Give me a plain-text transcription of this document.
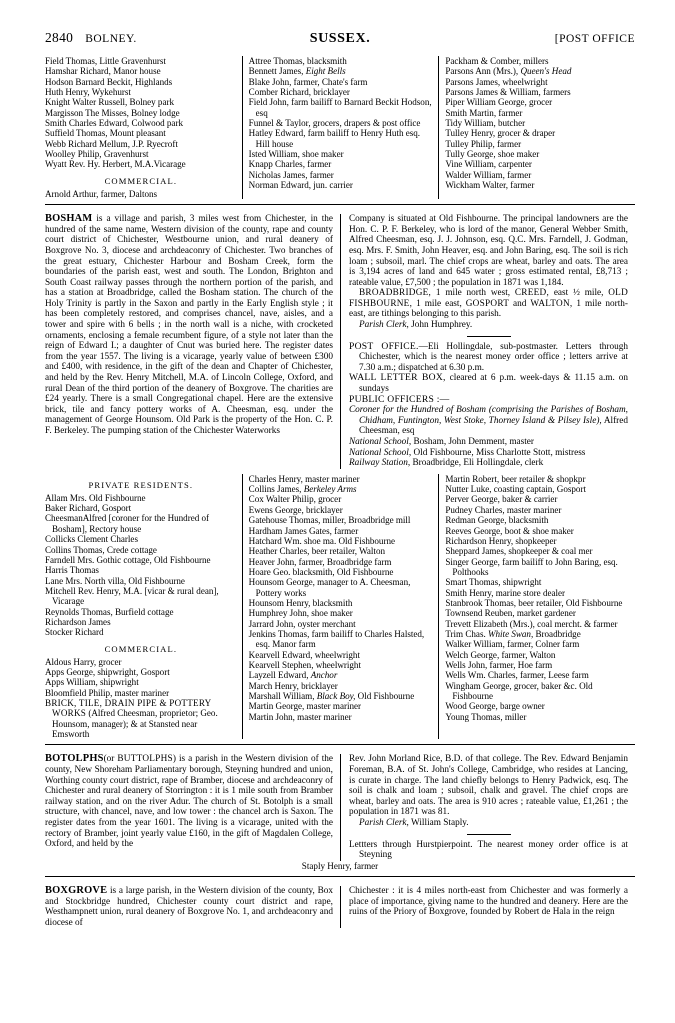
2840 BOLNEY.	SUSSEX.	[POST OFFICE

Field Thomas, Little Gravenhurst

Hamshar Richard, Manor house

Hodson Barnard Beckit, Highlands

Huth Henry, Wykehurst

Knight Walter Russell, Bolney park

Margisson The Misses, Bolney lodge

Smith Charles Edward, Colwood park

Suffield Thomas, Mount pleasant

Webb Richard Mellum, J.P. Ryecroft

Woolley Philip, Gravenhurst

Wyatt Rev. Hy. Herbert, M.A.Vicarage

COMMERCIAL.

Arnold Arthur, farmer, Daltons

Attree Thomas, blacksmith

Bennett James, Eight Bells

Blake John, farmer, Chate's farm

Comber Richard, bricklayer

Field John, farm bailiff to Barnard Beckit Hodson, esq

Funnel & Taylor, grocers, drapers & post office

Hatley Edward, farm bailiff to Henry Huth esq. Hill house

Isted William, shoe maker

Knapp Charles, farmer

Nicholas James, farmer

Norman Edward, jun. carrier

Packham & Comber, millers

Parsons Ann (Mrs.), Queen's Head

Parsons James, wheelwright

Parsons James & William, farmers

Piper William George, grocer

Smith Martin, farmer

Tidy William, butcher

Tulley Henry, grocer & draper

Tulley Philip, farmer

Tully George, shoe maker

Vine William, carpenter

Walder William, farmer

Wickham Walter, farmer

BOSHAM is a village and parish, 3 miles west from Chichester, in the hundred of the same name, Western division of the county, rape and county court district of Chichester, Westbourne union, and rural deanery of Boxgrove No. 3, diocese and archdeaconry of Chichester. Two branches of the great estuary, Chichester Harbour and Bosham Creek, form the boundaries of the parish east, west and south. The London, Brighton and South Coast railway passes through the northern portion of the parish, and has a station at Broadbridge, called the Bosham station. The church of the Holy Trinity is partly in the Saxon and partly in the Early English style ; it has been completely restored, and comprises chancel, nave, aisles, and a tower and spire with 6 bells ; in the north wall is a niche, with crocketed ornaments, enclosing a female recumbent figure, of a style not later than the reign of Edward I.; a daughter of Cnut was buried here. The register dates from the year 1557. The living is a vicarage, yearly value of between £300 and £400, with residence, in the gift of the dean and Chapter of Chichester, and held by the Rev. Henry Mitchell, M.A. of Lincoln College, Oxford, and rural Dean of the third portion of the deanery of Boxgrove. The charities are £24 yearly. There is a small Congregational chapel. Here are the extensive brick, tile and fancy pottery works of A. Cheesman, esq. under the management of George Hounsom. Old Park is the property of the Hon. C. P. F. Berkeley. The pumping station of the Chichester Waterworks

Company is situated at Old Fishbourne. The principal landowners are the Hon. C. P. F. Berkeley, who is lord of the manor, General Webber Smith, Alfred Cheesman, esq. J. J. Johnson, esq. Q.C. Mrs. Farndell, J. Godman, esq. Mrs. F. Smith, John Heaver, esq. and John Baring, esq. The soil is rich loam ; subsoil, marl. The chief crops are wheat, barley and oats. The area is 3,194 acres of land and 645 water ; gross estimated rental, £8,713 ; rateable value, £7,500 ; the population in 1871 was 1,184.

BROADBRIDGE, 1 mile north west, CREED, east ½ mile, OLD FISHBOURNE, 1 mile east, GOSPORT and WALTON, 1 mile north-east, are tithings belonging to this parish.

Parish Clerk, John Humphrey.

POST OFFICE.—Eli Hollingdale, sub-postmaster. Letters through Chichester, which is the nearest money order office ; letters arrive at 7.30 a.m.; dispatched at 6.30 p.m.

WALL LETTER BOX, cleared at 6 p.m. week-days & 11.15 a.m. on sundays

PUBLIC OFFICERS :—

Coroner for the Hundred of Bosham (comprising the Parishes of Bosham, Chidham, Funtington, West Stoke, Thorney Island & Pilsey Isle), Alfred Cheesman, esq

National School, Bosham, John Demment, master

National School, Old Fishbourne, Miss Charlotte Stott, mistress

Railway Station, Broadbridge, Eli Hollingdale, clerk

PRIVATE RESIDENTS.

Allam Mrs. Old Fishbourne

Baker Richard, Gosport

CheesmanAlfred [coroner for the Hundred of Bosham], Rectory house

Collicks Clement Charles

Collins Thomas, Crede cottage

Farndell Mrs. Gothic cottage, Old Fishbourne

Harris Thomas

Lane Mrs. North villa, Old Fishbourne

Mitchell Rev. Henry, M.A. [vicar & rural dean], Vicarage

Reynolds Thomas, Burfield cottage

Richardson James

Stocker Richard

COMMERCIAL.

Aldous Harry, grocer

Apps George, shipwright, Gosport

Apps William, shipwright

Bloomfield Philip, master mariner

BRICK, TILE, DRAIN PIPE & POTTERY WORKS (Alfred Cheesman, proprietor; Geo. Hounsom, manager); & at Stansted near Emsworth

Charles Henry, master mariner

Collins James, Berkeley Arms

Cox Walter Philip, grocer

Ewens George, bricklayer

Gatehouse Thomas, miller, Broadbridge mill

Hardham James Gates, farmer

Hatchard Wm. shoe ma. Old Fishbourne

Heather Charles, beer retailer, Walton

Heaver John, farmer, Broadbridge farm

Hoare Geo. blacksmith, Old Fishbourne

Hounsom George, manager to A. Cheesman, Pottery works

Hounsom Henry, blacksmith

Humphrey John, shoe maker

Jarrard John, oyster merchant

Jenkins Thomas, farm bailiff to Charles Halsted, esq. Manor farm

Kearvell Edward, wheelwright

Kearvell Stephen, wheelwright

Layzell Edward, Anchor

March Henry, bricklayer

Marshall William, Black Boy, Old Fishbourne

Martin George, master mariner

Martin John, master mariner

Martin Robert, beer retailer & shopkpr

Nutter Luke, coasting captain, Gosport

Perver George, baker & carrier

Pudney Charles, master mariner

Redman George, blacksmith

Reeves George, boot & shoe maker

Richardson Henry, shopkeeper

Sheppard James, shopkeeper & coal mer

Singer George, farm bailiff to John Baring, esq. Polthooks

Smart Thomas, shipwright

Smith Henry, marine store dealer

Stanbrook Thomas, beer retailer, Old Fishbourne

Townsend Reuben, market gardener

Trevett Elizabeth (Mrs.), coal mercht. & farmer

Trim Chas. White Swan, Broadbridge

Walker William, farmer, Colner farm

Welch George, farmer, Walton

Wells John, farmer, Hoe farm

Wells Wm. Charles, farmer, Leese farm

Wingham George, grocer, baker &c. Old Fishbourne

Wood George, barge owner

Young Thomas, miller

BOTOLPHS(or BUTTOLPHS) is a parish in the Western division of the county, New Shoreham Parliamentary borough, Steyning hundred and union, Worthing county court district, rape of Bramber, diocese and archdeaconry of Chichester and rural deanery of Storrington : it is 1 mile south from Bramber railway station, and on the river Adur. The church of St. Botolph is a small structure, with chancel, nave, and low tower : the chancel arch is Saxon. The register dates from the year 1601. The living is a vicarage, united with the rectory of Bramber, joint yearly value £160, in the gift of Magdalen College, Oxford, and held by the

Rev. John Morland Rice, B.D. of that college. The Rev. Edward Benjamin Foreman, B.A. of St. John's College, Cambridge, who resides at Lancing, is curate in charge. The land chiefly belongs to Henry Padwick, esq. The soil is chalk and loam ; subsoil, chalk and gravel. The chief crops are wheat, barley and oats. The area is 910 acres ; rateable value, £1,261 ; the population in 1871 was 81.

Parish Clerk, William Staply.

Lettters through Hurstpierpoint. The nearest money order office is at Steyning

Staply Henry, farmer

BOXGROVE is a large parish, in the Western division of the county, Box and Stockbridge hundred, Chichester county court district and rape, Westhampnett union, rural deanery of Boxgrove No. 1, and archdeaconry and diocese of

Chichester : it is 4 miles north-east from Chichester and was formerly a place of importance, giving name to the hundred and deanery. Here are the ruins of the Priory of Boxgrove, founded by Robert de Hala in the reign
